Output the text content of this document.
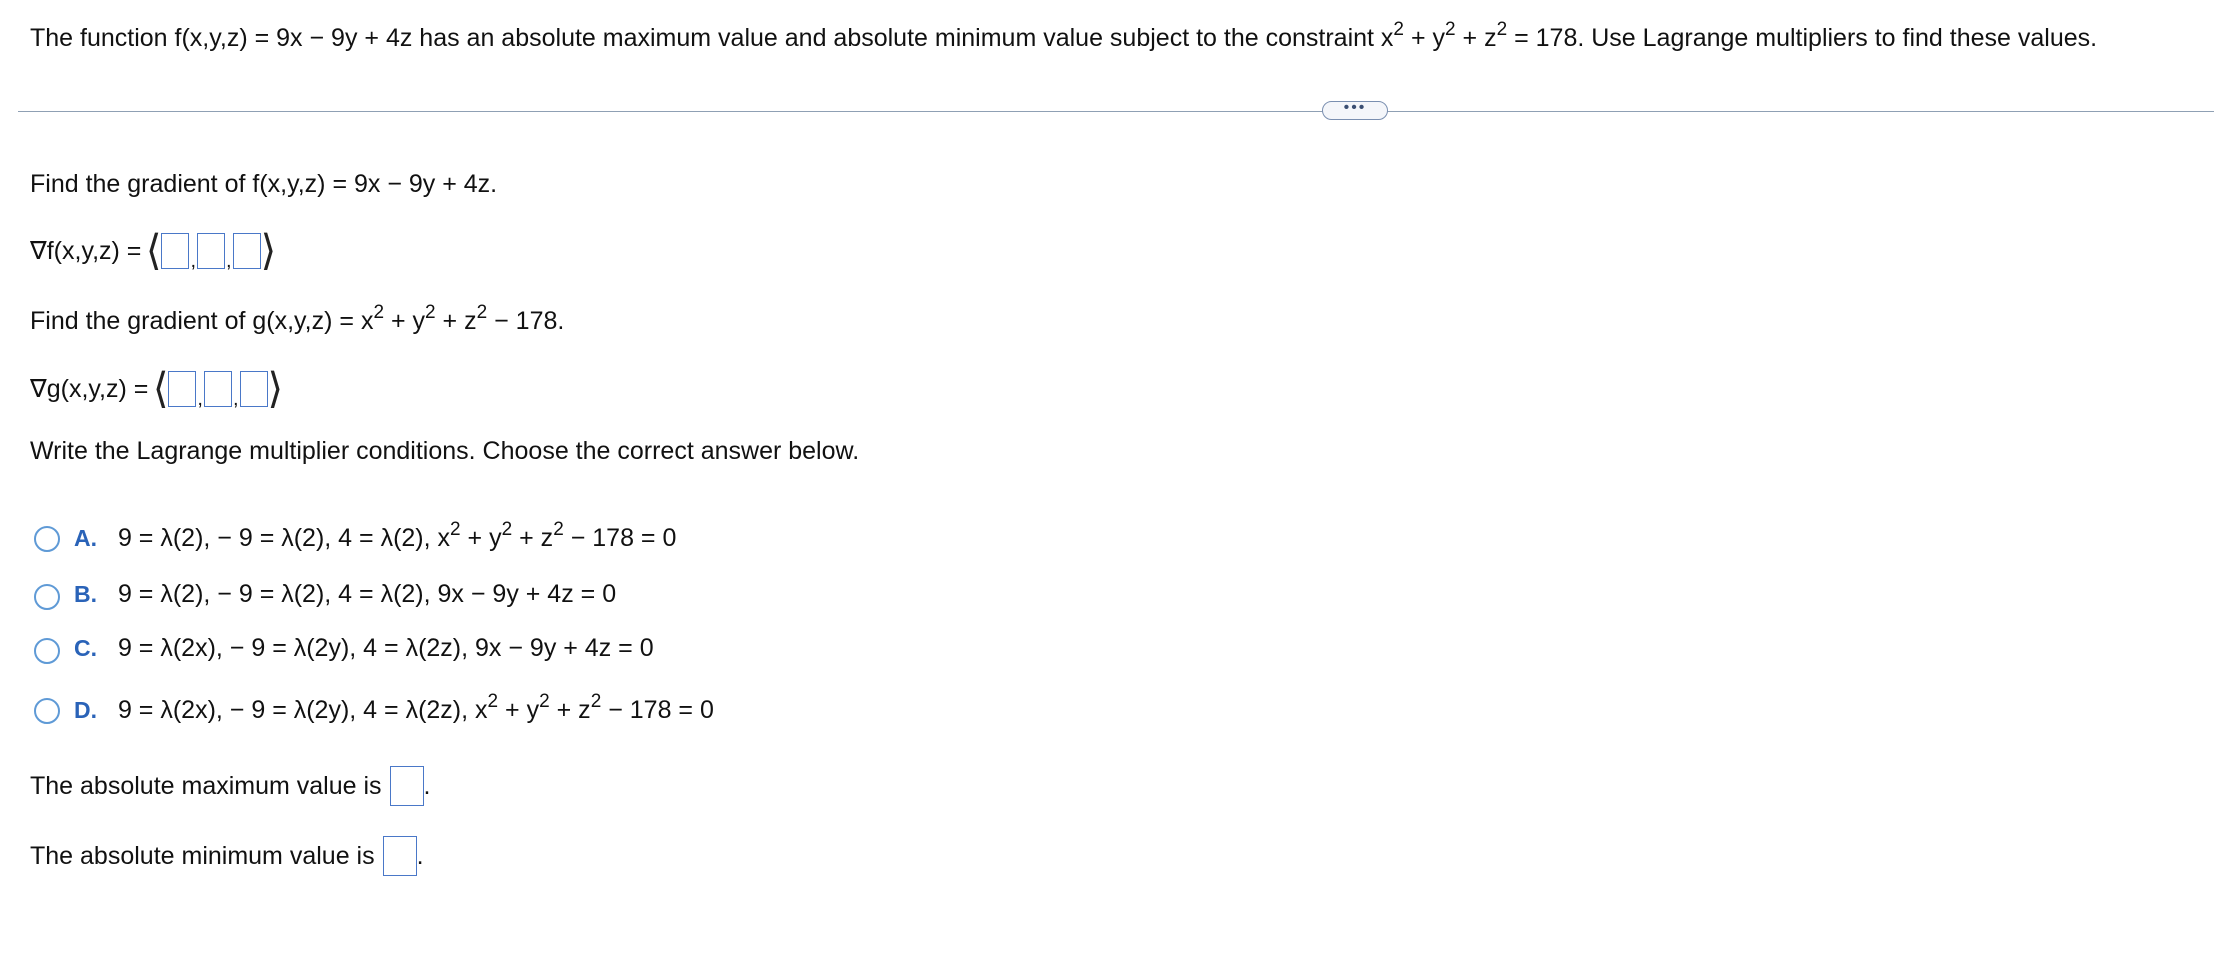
The function f(x,y,z) = 9x − 9y + 4z has an absolute maximum value and absolute minimum value subject to the constraint $x^2 + y^2 + z^2 = 178$. Use Lagrange multipliers to find these values.
•••
Find the gradient of f(x,y,z) = 9x − 9y + 4z.
∇f(x,y,z) = ⟨ , , ⟩
Find the gradient of $g(x,y,z) = x^2 + y^2 + z^2 - 178$.
∇g(x,y,z) = ⟨ , , ⟩
Write the Lagrange multiplier conditions. Choose the correct answer below.
A. 9 = λ(2), − 9 = λ(2), 4 = λ(2), $x^2 + y^2 + z^2 - 178 = 0$
B. 9 = λ(2), − 9 = λ(2), 4 = λ(2), 9x − 9y + 4z = 0
C. 9 = λ(2x), − 9 = λ(2y), 4 = λ(2z), 9x − 9y + 4z = 0
D. 9 = λ(2x), − 9 = λ(2y), 4 = λ(2z), $x^2 + y^2 + z^2 - 178 = 0$
The absolute maximum value is .
The absolute minimum value is .
